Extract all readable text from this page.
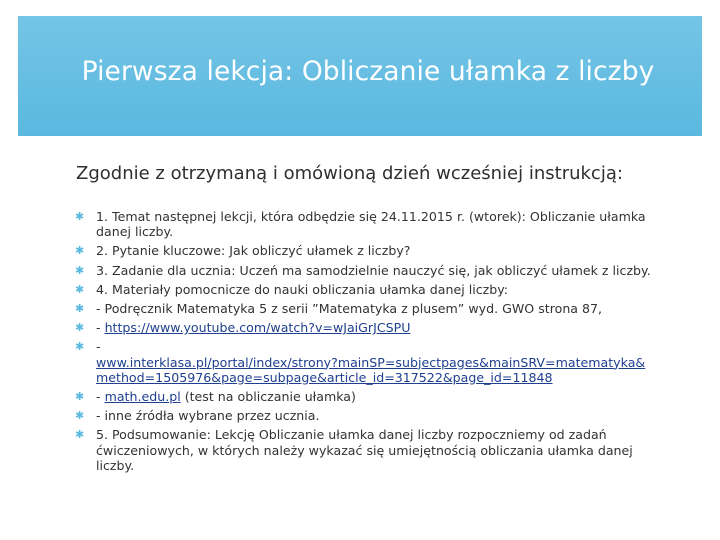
Pierwsza lekcja: Obliczanie ułamka z liczby
Zgodnie z otrzymaną i omówioną dzień wcześniej instrukcją:
✱ 1. Temat następnej lekcji, która odbędzie się 24.11.2015 r. (wtorek): Obliczanie ułamka danej liczby.
✱ 2. Pytanie kluczowe: Jak obliczyć ułamek z liczby?
✱ 3. Zadanie dla ucznia: Uczeń ma samodzielnie nauczyć się, jak obliczyć ułamek z liczby.
✱ 4. Materiały pomocnicze do nauki obliczania ułamka danej liczby:
✱ - Podręcznik Matematyka 5 z serii ”Matematyka z plusem” wyd. GWO strona 87,
✱ - https://www.youtube.com/watch?v=wJaiGrJCSPU
✱ -
www.interklasa.pl/portal/index/strony?mainSP=subjectpages&mainSRV=matematyka&method=1505976&page=subpage&article_id=317522&page_id=11848
✱ - math.edu.pl (test na obliczanie ułamka)
✱ - inne źródła wybrane przez ucznia.
✱ 5. Podsumowanie: Lekcję Obliczanie ułamka danej liczby rozpoczniemy od zadań ćwiczeniowych, w których należy wykazać się umiejętnością obliczania ułamka danej liczby.
